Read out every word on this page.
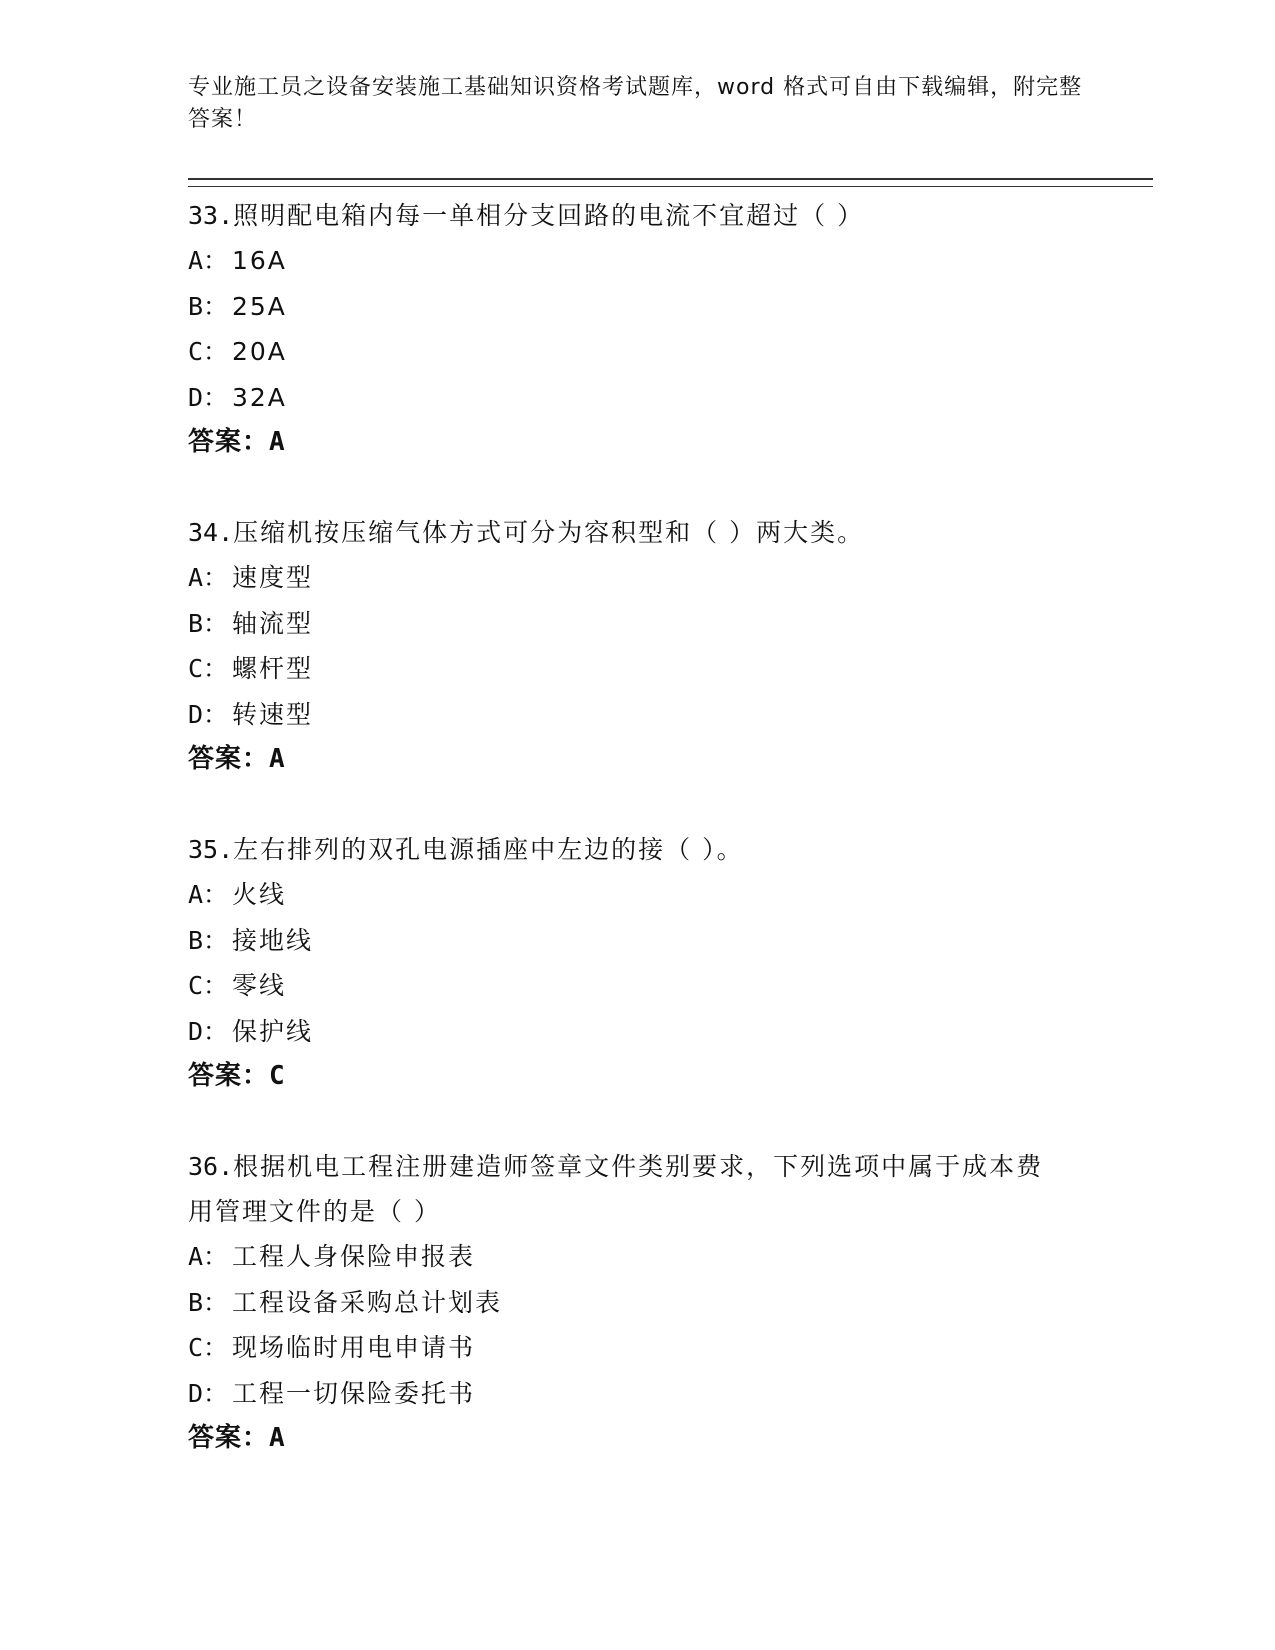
专业施工员之设备安装施工基础知识资格考试题库，word 格式可自由下载编辑，附完整答案！

33.照明配电箱内每一单相分支回路的电流不宜超过（ ）

A： 16A
B： 25A
C： 20A
D： 32A

答案：A

34.压缩机按压缩气体方式可分为容积型和（ ）两大类。

A： 速度型
B： 轴流型
C： 螺杆型
D： 转速型

答案：A

35.左右排列的双孔电源插座中左边的接（ ）。

A： 火线
B： 接地线
C： 零线
D： 保护线

答案：C

36.根据机电工程注册建造师签章文件类别要求，下列选项中属于成本费用管理文件的是（ ）

A： 工程人身保险申报表
B： 工程设备采购总计划表
C： 现场临时用电申请书
D： 工程一切保险委托书

答案：A
